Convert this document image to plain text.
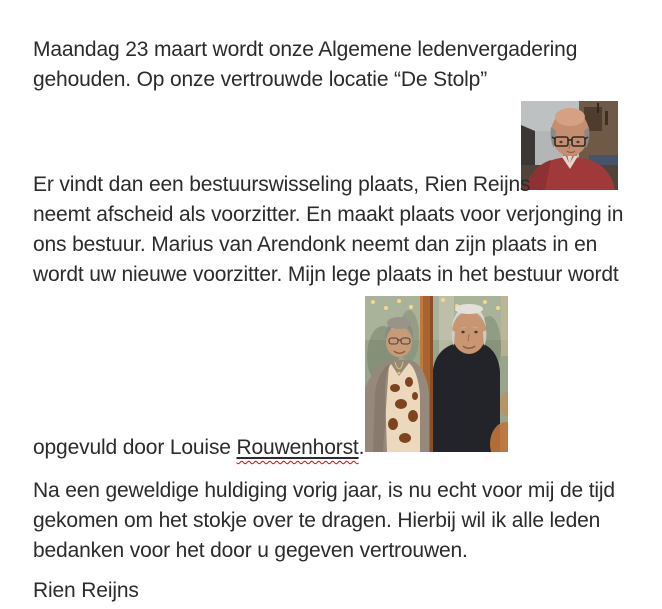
Maandag 23 maart wordt onze Algemene ledenvergadering
gehouden. Op onze vertrouwde locatie “De Stolp”
Er vindt dan een bestuurswisseling plaats, Rien Reijns
neemt afscheid als voorzitter. En maakt plaats voor verjonging in
ons bestuur. Marius van Arendonk neemt dan zijn plaats in en
wordt uw nieuwe voorzitter. Mijn lege plaats in het bestuur wordt
opgevuld door Louise Rouwenhorst.
Na een geweldige huldiging vorig jaar, is nu echt voor mij de tijd
gekomen om het stokje over te dragen. Hierbij wil ik alle leden
bedanken voor het door u gegeven vertrouwen.
Rien Reijns
